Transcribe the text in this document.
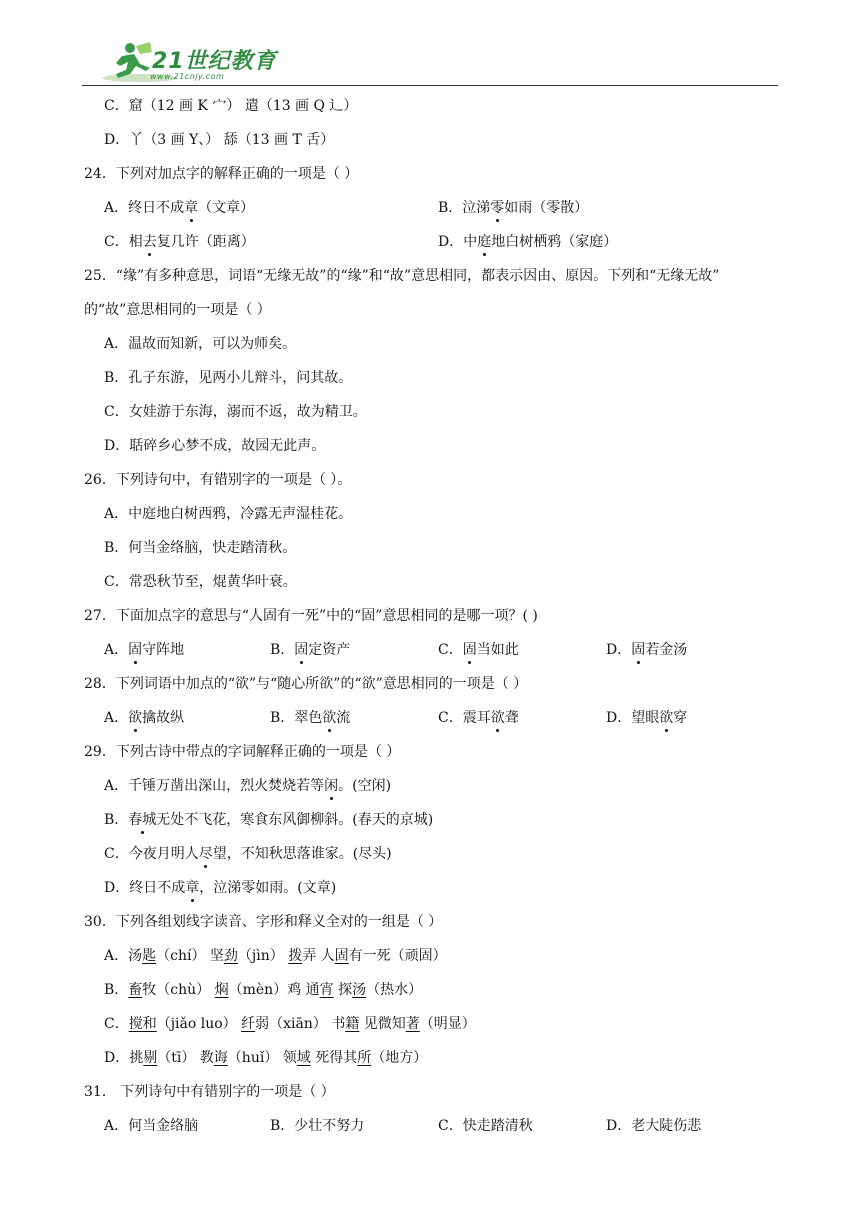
21世纪教育
www.21cnjy.com
C．窟（12 画 K 宀） 遣（13 画 Q 辶）
D．丫（3 画 Y、） 舔（13 画 T 舌）
24．下列对加点字的解释正确的一项是（ ）
A．终日不成章（文章）	B．泣涕零如雨（零散）
C．相去复几许（距离）	D．中庭地白树栖鸦（家庭）
25．“缘”有多种意思，词语“无缘无故”的“缘”和“故”意思相同，都表示因由、原因。下列和“无缘无故”
的“故”意思相同的一项是（ ）
A．温故而知新，可以为师矣。
B．孔子东游，见两小儿辩斗，问其故。
C．女娃游于东海，溺而不返，故为精卫。
D．聒碎乡心梦不成，故园无此声。
26．下列诗句中，有错别字的一项是（ ）。
A．中庭地白树西鸦，冷露无声湿桂花。
B．何当金络脑，快走踏清秋。
C．常恐秋节至，焜黄华叶衰。
27．下面加点字的意思与“人固有一死”中的“固”意思相同的是哪一项？( )
A．固守阵地	B．固定资产	C．固当如此	D．固若金汤
28．下列词语中加点的“欲”与“随心所欲”的“欲”意思相同的一项是（ ）
A．欲擒故纵	B．翠色欲流	C．震耳欲聋	D．望眼欲穿
29．下列古诗中带点的字词解释正确的一项是（ ）
A．千锤万凿出深山，烈火焚烧若等闲。(空闲)
B．春城无处不飞花，寒食东风御柳斜。(春天的京城)
C．今夜月明人尽望，不知秋思落谁家。(尽头)
D．终日不成章，泣涕零如雨。(文章)
30．下列各组划线字读音、字形和释义全对的一组是（ ）
A．汤匙（chí） 坚劲（jìn） 拨弄 人固有一死（顽固）
B．畜牧（chù） 焖（mèn）鸡 通宵 探汤（热水）
C．搅和（jiǎo luo） 纤弱（xiān） 书籍 见微知著（明显）
D．挑剔（tī） 教诲（huǐ） 领域 死得其所（地方）
31． 下列诗句中有错别字的一项是（ ）
A．何当金络脑	B．少壮不努力	C．快走踏清秋	D．老大陡伤悲
